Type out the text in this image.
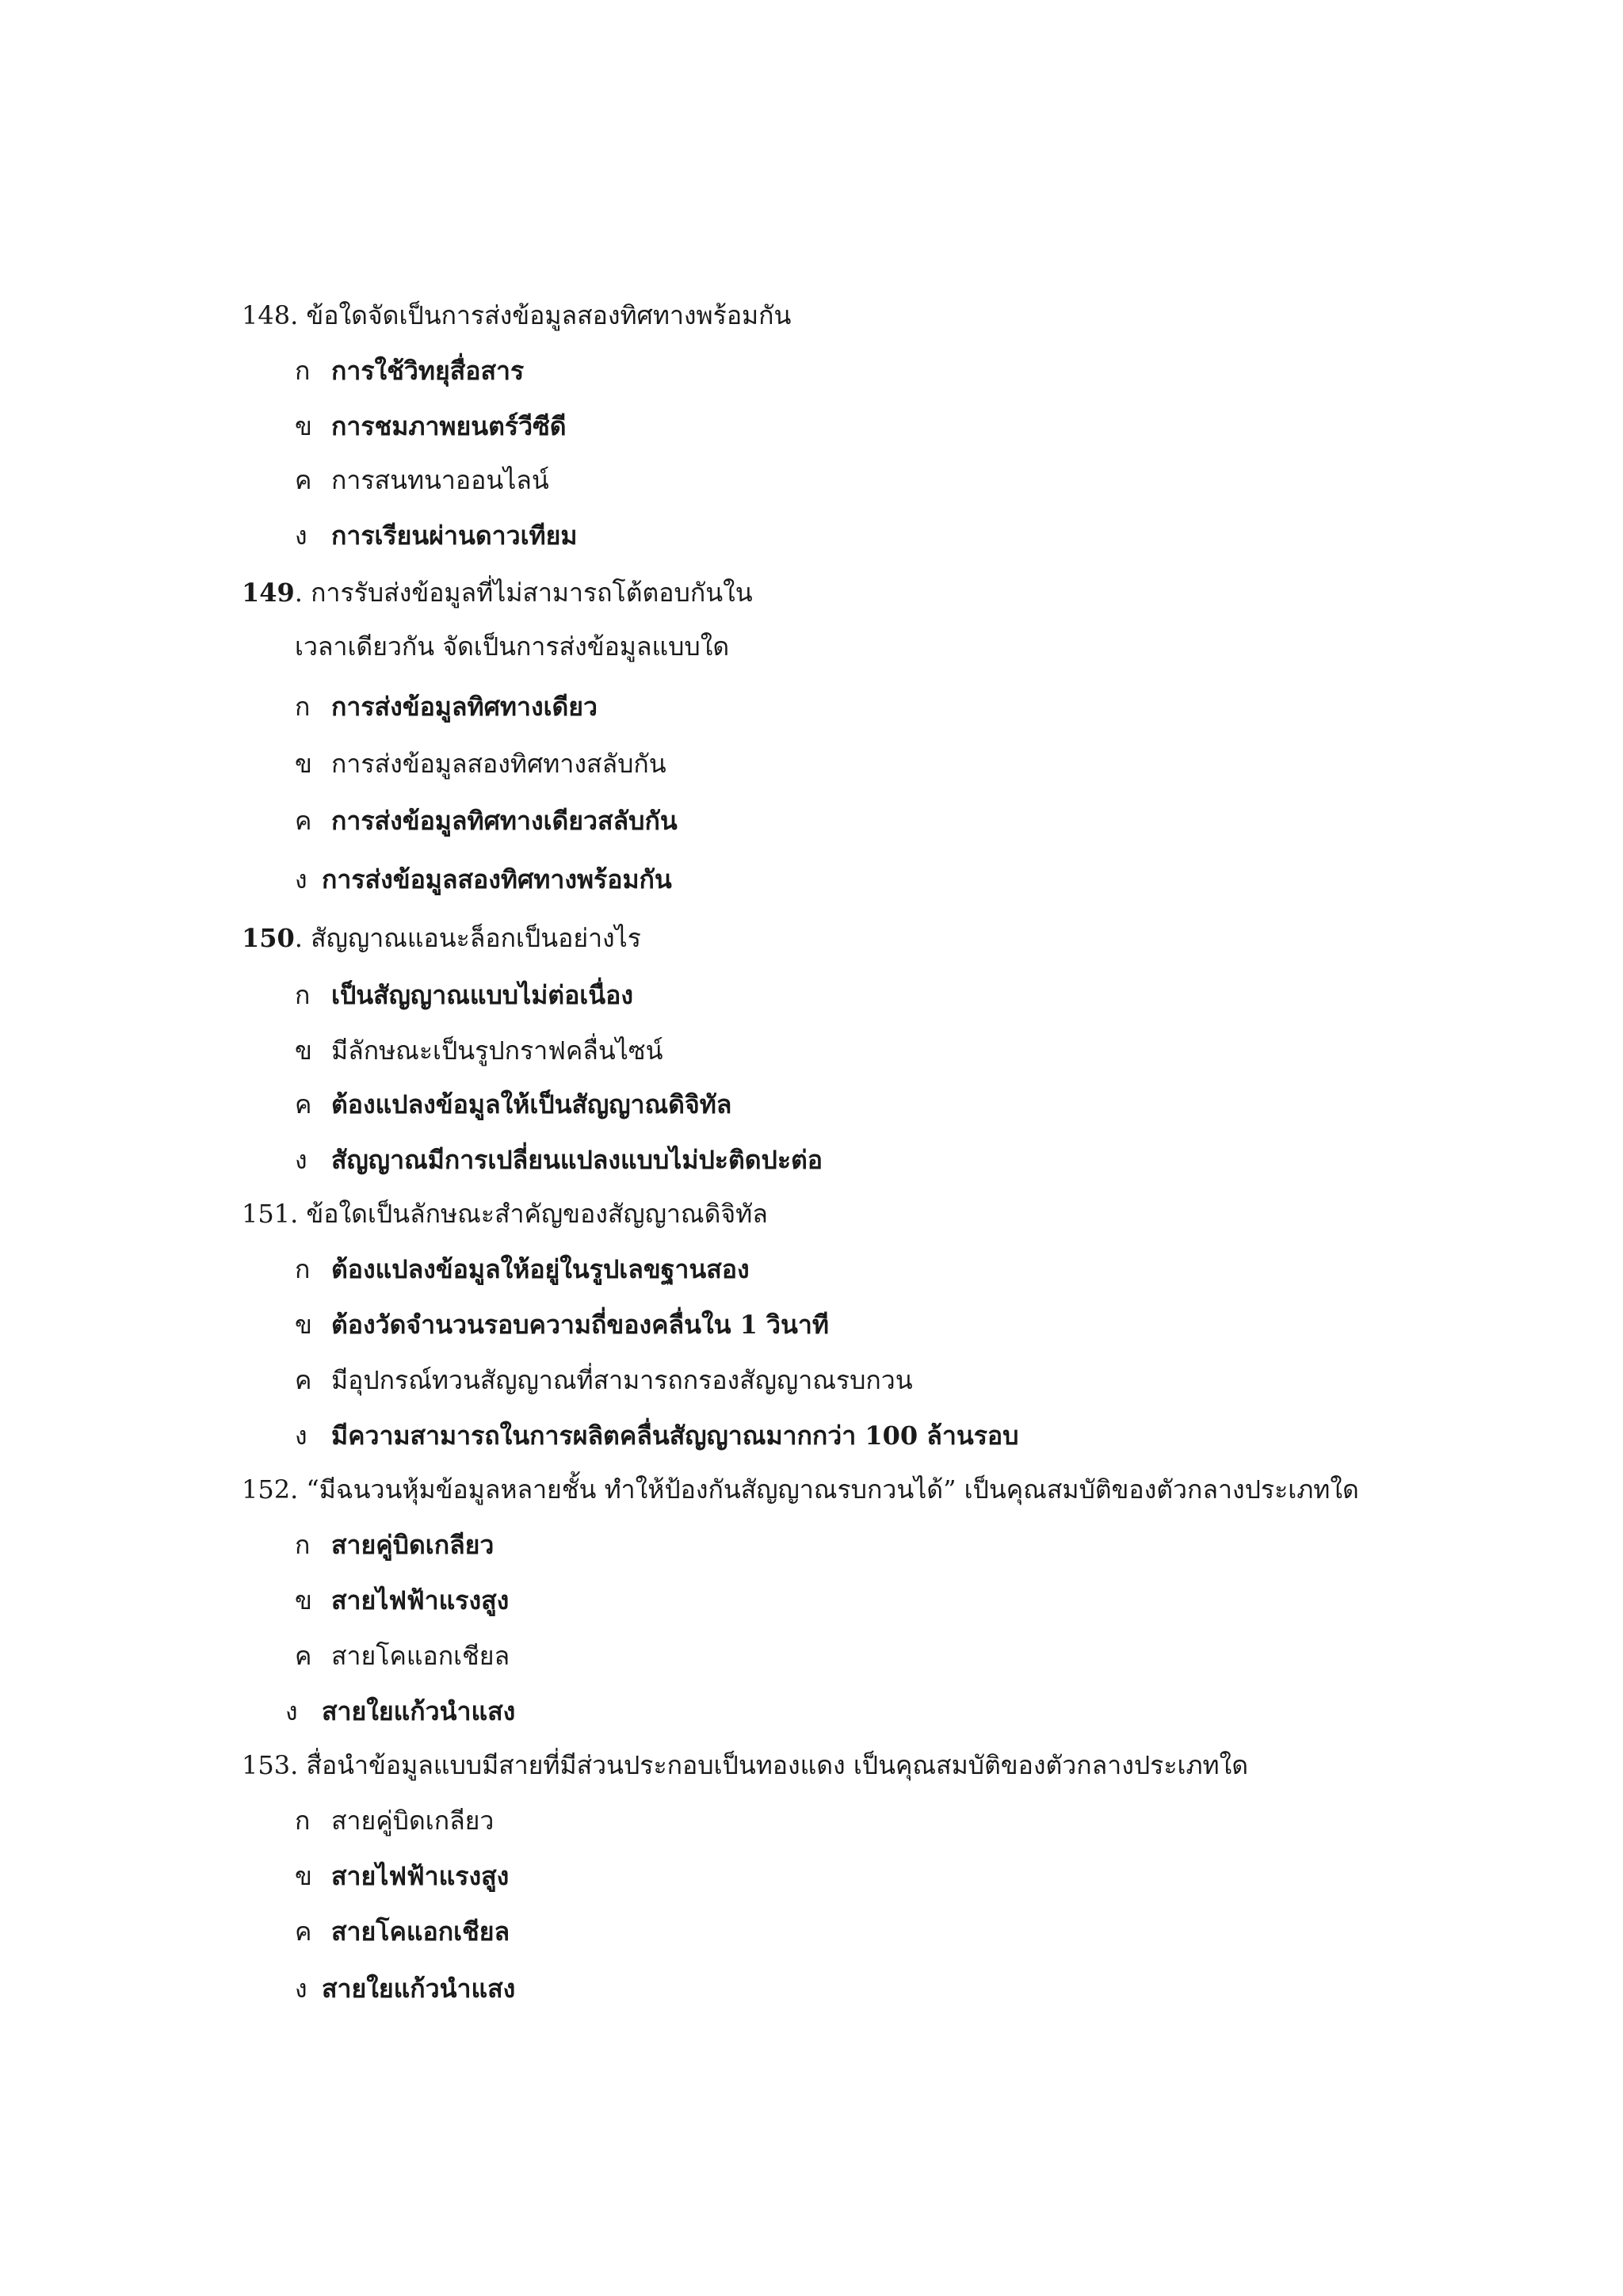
148. ข้อใดจัดเป็นการส่งข้อมูลสองทิศทางพร้อมกัน
ก การใช้วิทยุสื่อสาร
ข การชมภาพยนตร์วีซีดี
ค การสนทนาออนไลน์
ง การเรียนผ่านดาวเทียม
149. การรับส่งข้อมูลที่ไม่สามารถโต้ตอบกันใน
เวลาเดียวกัน จัดเป็นการส่งข้อมูลแบบใด
ก การส่งข้อมูลทิศทางเดียว
ข การส่งข้อมูลสองทิศทางสลับกัน
ค การส่งข้อมูลทิศทางเดียวสลับกัน
ง การส่งข้อมูลสองทิศทางพร้อมกัน
150. สัญญาณแอนะล็อกเป็นอย่างไร
ก เป็นสัญญาณแบบไม่ต่อเนื่อง
ข มีลักษณะเป็นรูปกราฟคลื่นไซน์
ค ต้องแปลงข้อมูลให้เป็นสัญญาณดิจิทัล
ง สัญญาณมีการเปลี่ยนแปลงแบบไม่ปะติดปะต่อ
151. ข้อใดเป็นลักษณะสำคัญของสัญญาณดิจิทัล
ก ต้องแปลงข้อมูลให้อยู่ในรูปเลขฐานสอง
ข ต้องวัดจำนวนรอบความถี่ของคลื่นใน 1 วินาที
ค มีอุปกรณ์ทวนสัญญาณที่สามารถกรองสัญญาณรบกวน
ง มีความสามารถในการผลิตคลื่นสัญญาณมากกว่า 100 ล้านรอบ
152. “มีฉนวนหุ้มข้อมูลหลายชั้น ทำให้ป้องกันสัญญาณรบกวนได้” เป็นคุณสมบัติของตัวกลางประเภทใด
ก สายคู่บิดเกลียว
ข สายไฟฟ้าแรงสูง
ค สายโคแอกเชียล
ง สายใยแก้วนำแสง
153. สื่อนำข้อมูลแบบมีสายที่มีส่วนประกอบเป็นทองแดง เป็นคุณสมบัติของตัวกลางประเภทใด
ก สายคู่บิดเกลียว
ข สายไฟฟ้าแรงสูง
ค สายโคแอกเชียล
ง สายใยแก้วนำแสง
